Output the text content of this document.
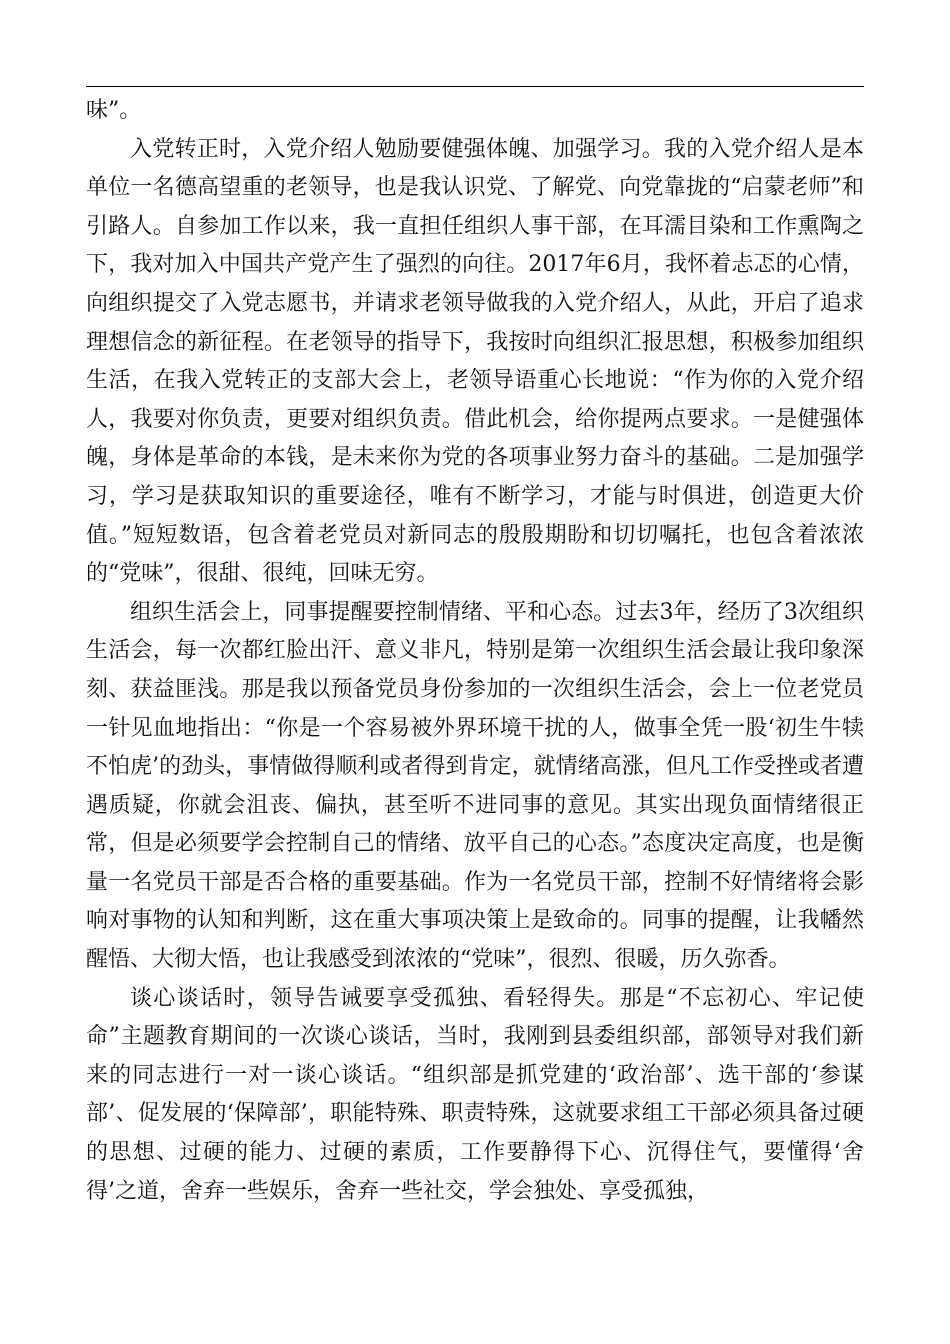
味”。

入党转正时，入党介绍人勉励要健强体魄、加强学习。我的入党介绍人是本单位一名德高望重的老领导，也是我认识党、了解党、向党靠拢的“启蒙老师”和引路人。自参加工作以来，我一直担任组织人事干部，在耳濡目染和工作熏陶之下，我对加入中国共产党产生了强烈的向往。2017年6月，我怀着忐忑的心情，向组织提交了入党志愿书，并请求老领导做我的入党介绍人，从此，开启了追求理想信念的新征程。在老领导的指导下，我按时向组织汇报思想，积极参加组织生活，在我入党转正的支部大会上，老领导语重心长地说：“作为你的入党介绍人，我要对你负责，更要对组织负责。借此机会，给你提两点要求。一是健强体魄，身体是革命的本钱，是未来你为党的各项事业努力奋斗的基础。二是加强学习，学习是获取知识的重要途径，唯有不断学习，才能与时俱进，创造更大价值。”短短数语，包含着老党员对新同志的殷殷期盼和切切嘱托，也包含着浓浓的“党味”，很甜、很纯，回味无穷。

组织生活会上，同事提醒要控制情绪、平和心态。过去3年，经历了3次组织生活会，每一次都红脸出汗、意义非凡，特别是第一次组织生活会最让我印象深刻、获益匪浅。那是我以预备党员身份参加的一次组织生活会，会上一位老党员一针见血地指出：“你是一个容易被外界环境干扰的人，做事全凭一股‘初生牛犊不怕虎’的劲头，事情做得顺利或者得到肯定，就情绪高涨，但凡工作受挫或者遭遇质疑，你就会沮丧、偏执，甚至听不进同事的意见。其实出现负面情绪很正常，但是必须要学会控制自己的情绪、放平自己的心态。”态度决定高度，也是衡量一名党员干部是否合格的重要基础。作为一名党员干部，控制不好情绪将会影响对事物的认知和判断，这在重大事项决策上是致命的。同事的提醒，让我幡然醒悟、大彻大悟，也让我感受到浓浓的“党味”，很烈、很暖，历久弥香。

谈心谈话时，领导告诫要享受孤独、看轻得失。那是“不忘初心、牢记使命”主题教育期间的一次谈心谈话，当时，我刚到县委组织部，部领导对我们新来的同志进行一对一谈心谈话。“组织部是抓党建的‘政治部’、选干部的‘参谋部’、促发展的‘保障部’，职能特殊、职责特殊，这就要求组工干部必须具备过硬的思想、过硬的能力、过硬的素质，工作要静得下心、沉得住气，要懂得‘舍得’之道，舍弃一些娱乐，舍弃一些社交，学会独处、享受孤独，
